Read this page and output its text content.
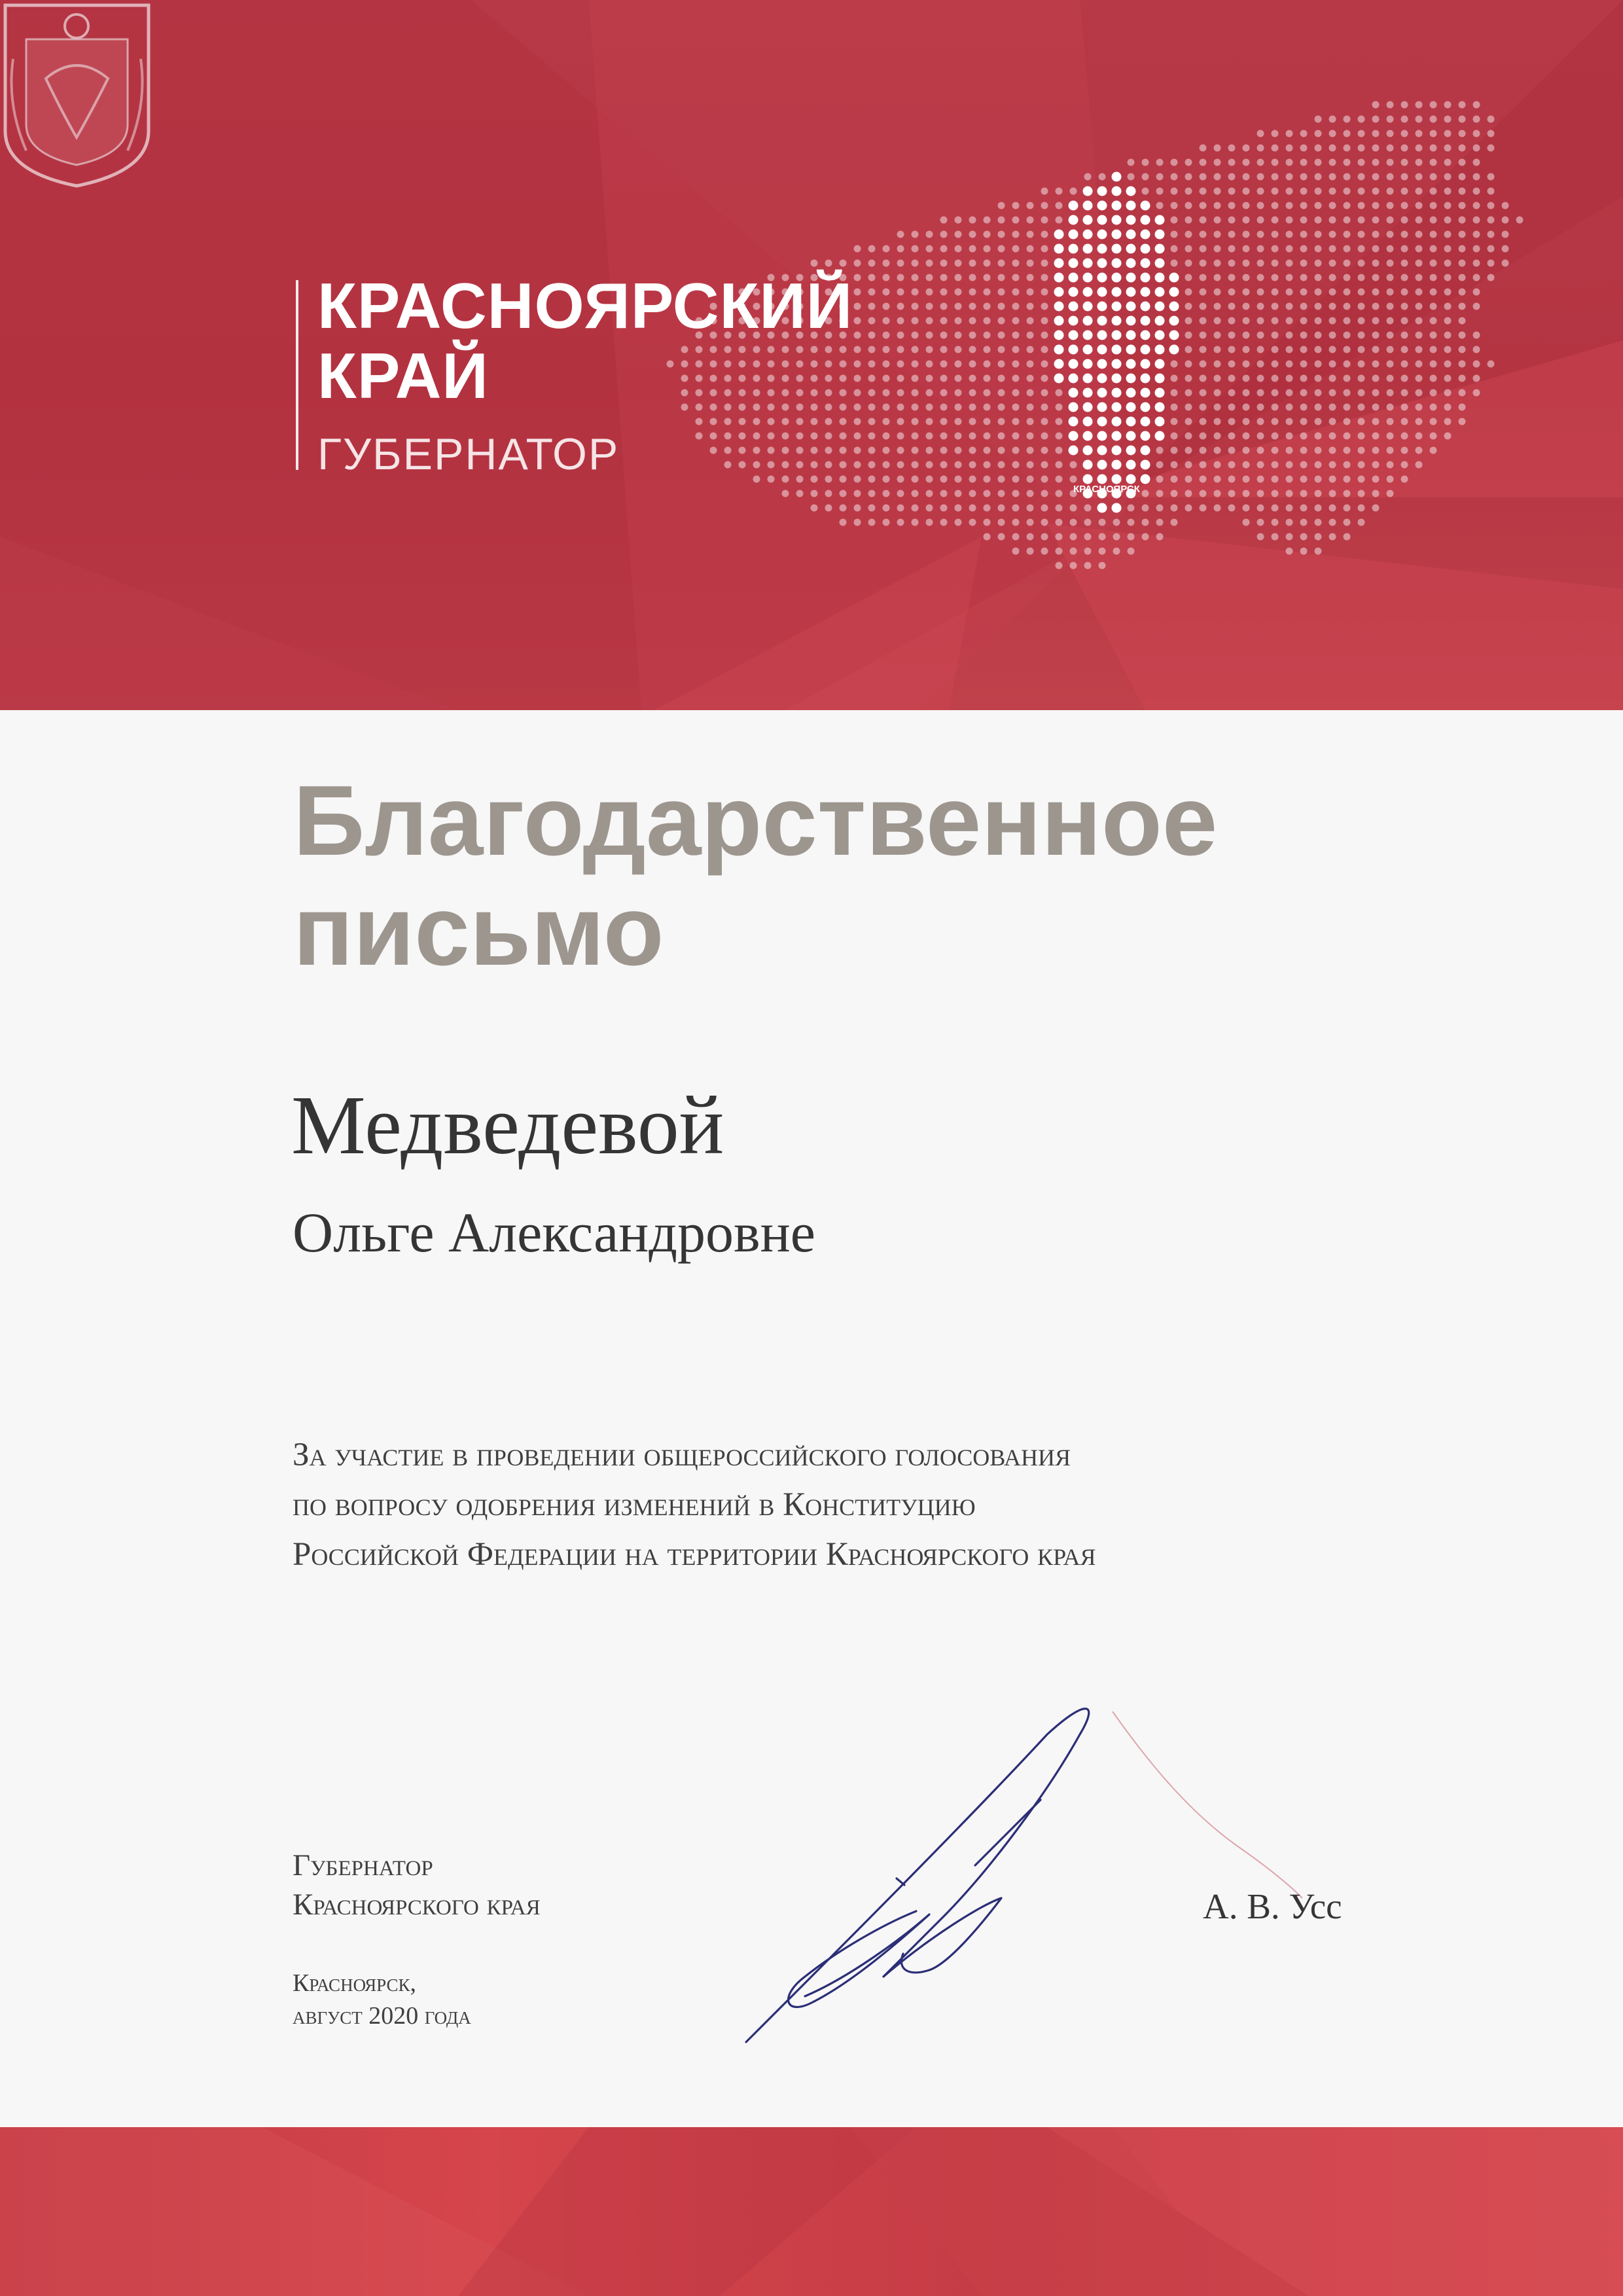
КРАСНОЯРСК
КРАСНОЯРСКИЙ
КРАЙ
ГУБЕРНАТОР
Благодарственное
письмо
Медведевой
Ольге Александровне
За участие в проведении общероссийского голосования
по вопросу одобрения изменений в Конституцию
Российской Федерации на территории Красноярского края
Губернатор
Красноярского края
Красноярск,
август 2020 года
А. В. Усс
